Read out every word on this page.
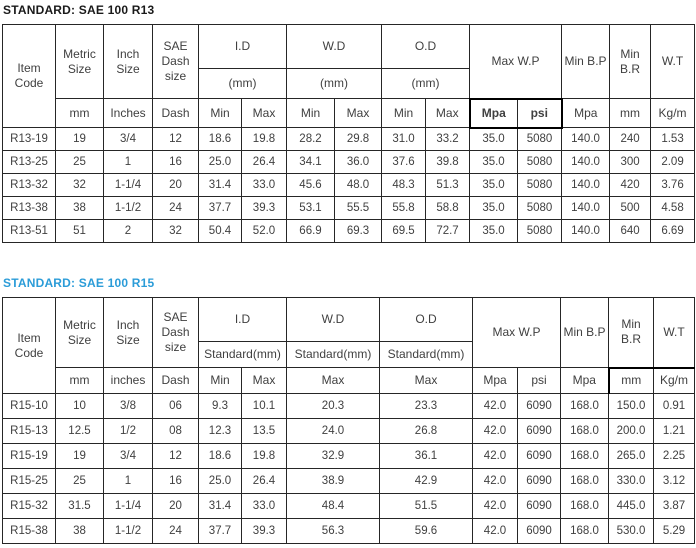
STANDARD: SAE 100 R13
Item Code	Metric Size	Inch Size	SAE Dash size	I.D		W.D		O.D		Max W.P		Min B.P	Min B.R	W.T
				(mm)		(mm)		(mm)						
	mm	Inches	Dash	Min	Max	Min	Max	Min	Max	Mpa	psi	Mpa	mm	Kg/m
R13-19	19	3/4	12	18.6	19.8	28.2	29.8	31.0	33.2	35.0	5080	140.0	240	1.53
R13-25	25	1	16	25.0	26.4	34.1	36.0	37.6	39.8	35.0	5080	140.0	300	2.09
R13-32	32	1-1/4	20	31.4	33.0	45.6	48.0	48.3	51.3	35.0	5080	140.0	420	3.76
R13-38	38	1-1/2	24	37.7	39.3	53.1	55.5	55.8	58.8	35.0	5080	140.0	500	4.58
R13-51	51	2	32	50.4	52.0	66.9	69.3	69.5	72.7	35.0	5080	140.0	640	6.69
STANDARD: SAE 100 R15
Item Code	Metric Size	Inch Size	SAE Dash size	I.D		W.D	O.D	Max W.P		Min B.P	Min B.R	W.T
				Standard(mm)		Standard(mm)	Standard(mm)					
	mm	inches	Dash	Min	Max	Max	Max	Mpa	psi	Mpa	mm	Kg/m
R15-10	10	3/8	06	9.3	10.1	20.3	23.3	42.0	6090	168.0	150.0	0.91
R15-13	12.5	1/2	08	12.3	13.5	24.0	26.8	42.0	6090	168.0	200.0	1.21
R15-19	19	3/4	12	18.6	19.8	32.9	36.1	42.0	6090	168.0	265.0	2.25
R15-25	25	1	16	25.0	26.4	38.9	42.9	42.0	6090	168.0	330.0	3.12
R15-32	31.5	1-1/4	20	31.4	33.0	48.4	51.5	42.0	6090	168.0	445.0	3.87
R15-38	38	1-1/2	24	37.7	39.3	56.3	59.6	42.0	6090	168.0	530.0	5.29
